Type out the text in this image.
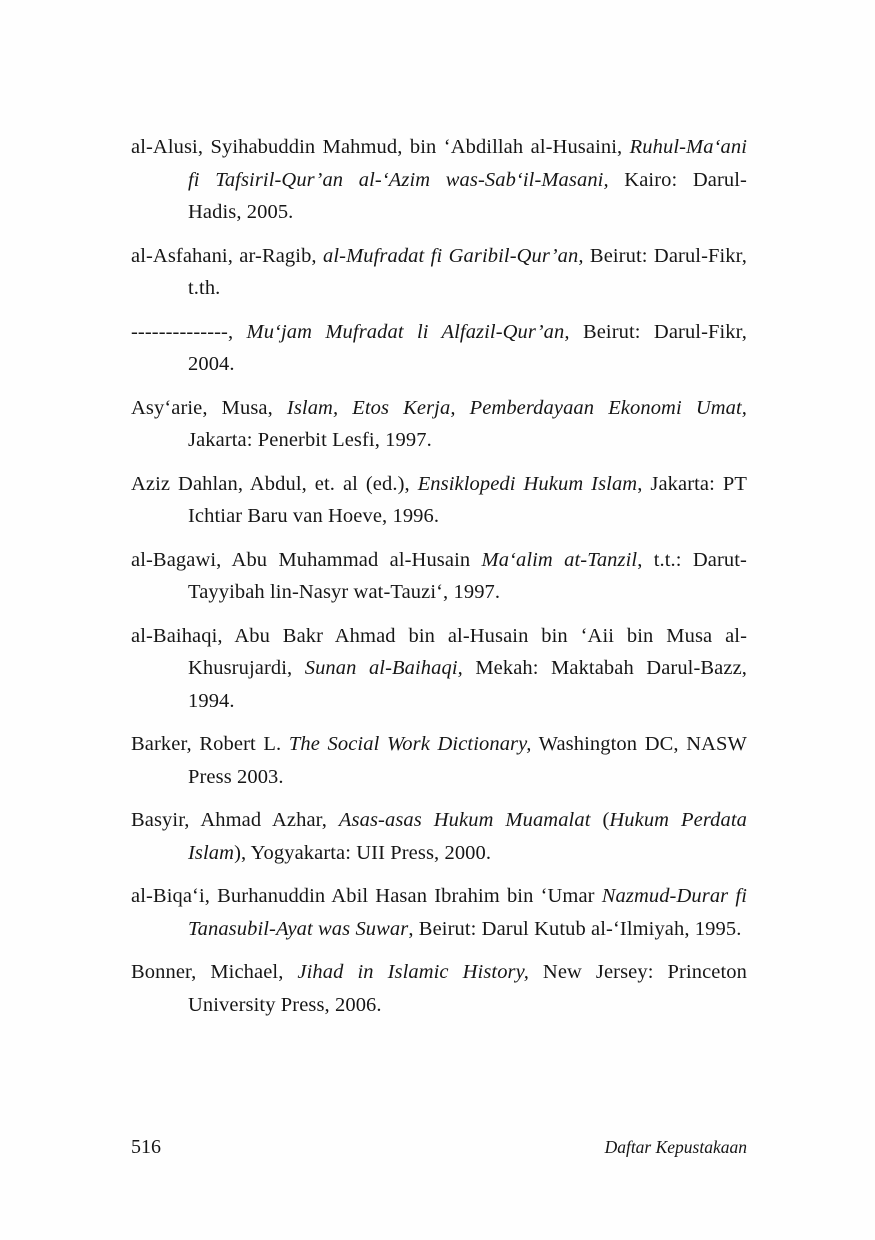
al-Alusi, Syihabuddin Mahmud, bin ‘Abdillah al-Husaini, Ruhul-Ma‘ani fi Tafsiril-Qur’an al-‘Azim was-Sab‘il-Masani, Kairo: Darul-Hadis, 2005.

al-Asfahani, ar-Ragib, al-Mufradat fi Garibil-Qur’an, Beirut: Darul-Fikr, t.th.

--------------, Mu‘jam Mufradat li Alfazil-Qur’an, Beirut: Darul-Fikr, 2004.

Asy‘arie, Musa, Islam, Etos Kerja, Pemberdayaan Ekonomi Umat, Jakarta: Penerbit Lesfi, 1997.

Aziz Dahlan, Abdul, et. al (ed.), Ensiklopedi Hukum Islam, Jakarta: PT Ichtiar Baru van Hoeve, 1996.

al-Bagawi, Abu Muhammad al-Husain Ma‘alim at-Tanzil, t.t.: Darut- Tayyibah lin-Nasyr wat-Tauzi‘, 1997.

al-Baihaqi, Abu Bakr Ahmad bin al-Husain bin ‘Aii bin Musa al-Khusrujardi, Sunan al-Baihaqi, Mekah: Maktabah Darul-Bazz, 1994.

Barker, Robert L. The Social Work Dictionary, Washington DC, NASW Press 2003.

Basyir, Ahmad Azhar, Asas-asas Hukum Muamalat (Hukum Perdata Islam), Yogyakarta: UII Press, 2000.

al-Biqa‘i, Burhanuddin Abil Hasan Ibrahim bin ‘Umar Nazmud-Durar fi Tanasubil-Ayat was Suwar, Beirut: Darul Kutub al-‘Ilmiyah, 1995.

Bonner, Michael, Jihad in Islamic History, New Jersey: Princeton University Press, 2006.

516	Daftar Kepustakaan
